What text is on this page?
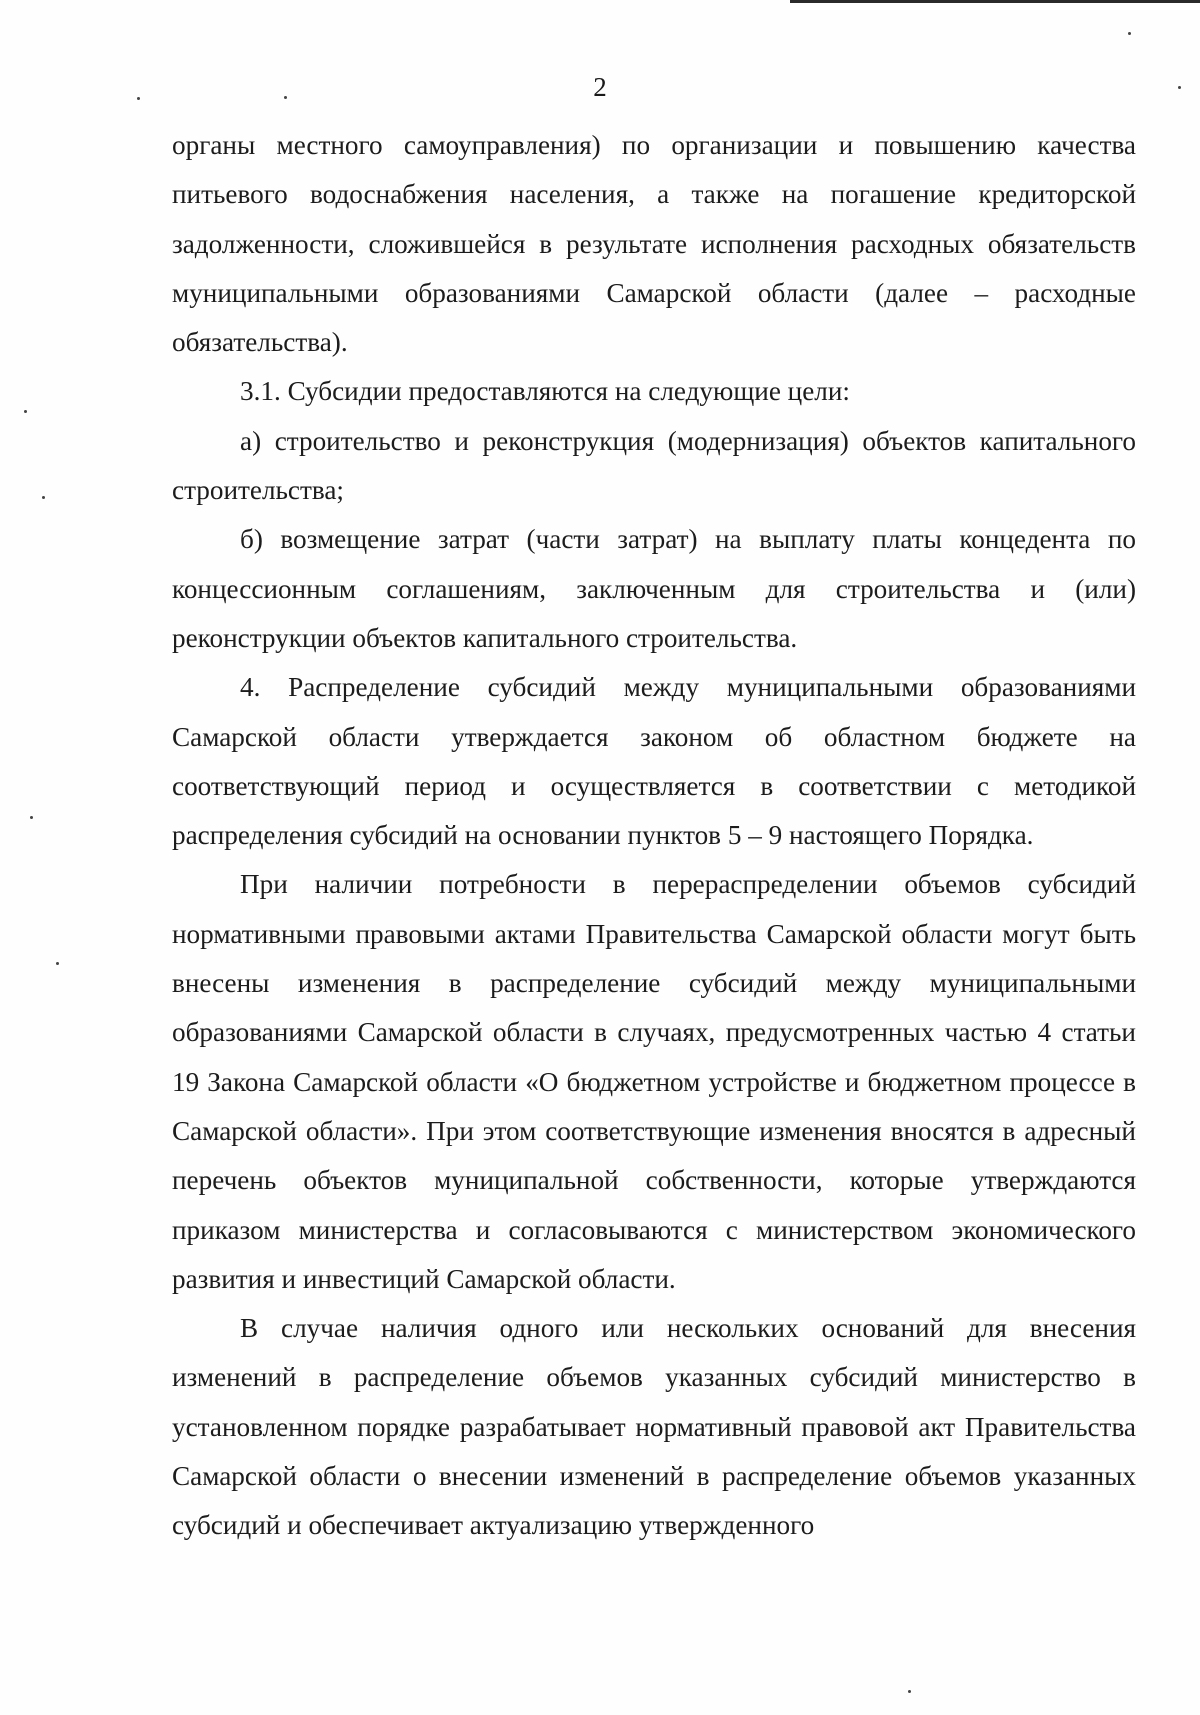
2

органы местного самоуправления) по организации и повышению качества питьевого водоснабжения населения, а также на погашение кредиторской задолженности, сложившейся в результате исполнения расходных обязательств муниципальными образованиями Самарской области (далее – расходные обязательства).

3.1. Субсидии предоставляются на следующие цели:

а) строительство и реконструкция (модернизация) объектов капитального строительства;

б) возмещение затрат (части затрат) на выплату платы концедента по концессионным соглашениям, заключенным для строительства и (или) реконструкции объектов капитального строительства.

4. Распределение субсидий между муниципальными образованиями Самарской области утверждается законом об областном бюджете на соответствующий период и осуществляется в соответствии с методикой распределения субсидий на основании пунктов 5 – 9 настоящего Порядка.

При наличии потребности в перераспределении объемов субсидий нормативными правовыми актами Правительства Самарской области могут быть внесены изменения в распределение субсидий между муниципальными образованиями Самарской области в случаях, предусмотренных частью 4 статьи 19 Закона Самарской области «О бюджетном устройстве и бюджетном процессе в Самарской области». При этом соответствующие изменения вносятся в адресный перечень объектов муниципальной собственности, которые утверждаются приказом министерства и согласовываются с министерством экономического развития и инвестиций Самарской области.

В случае наличия одного или нескольких оснований для внесения изменений в распределение объемов указанных субсидий министерство в установленном порядке разрабатывает нормативный правовой акт Правительства Самарской области о внесении изменений в распределение объемов указанных субсидий и обеспечивает актуализацию утвержденного
